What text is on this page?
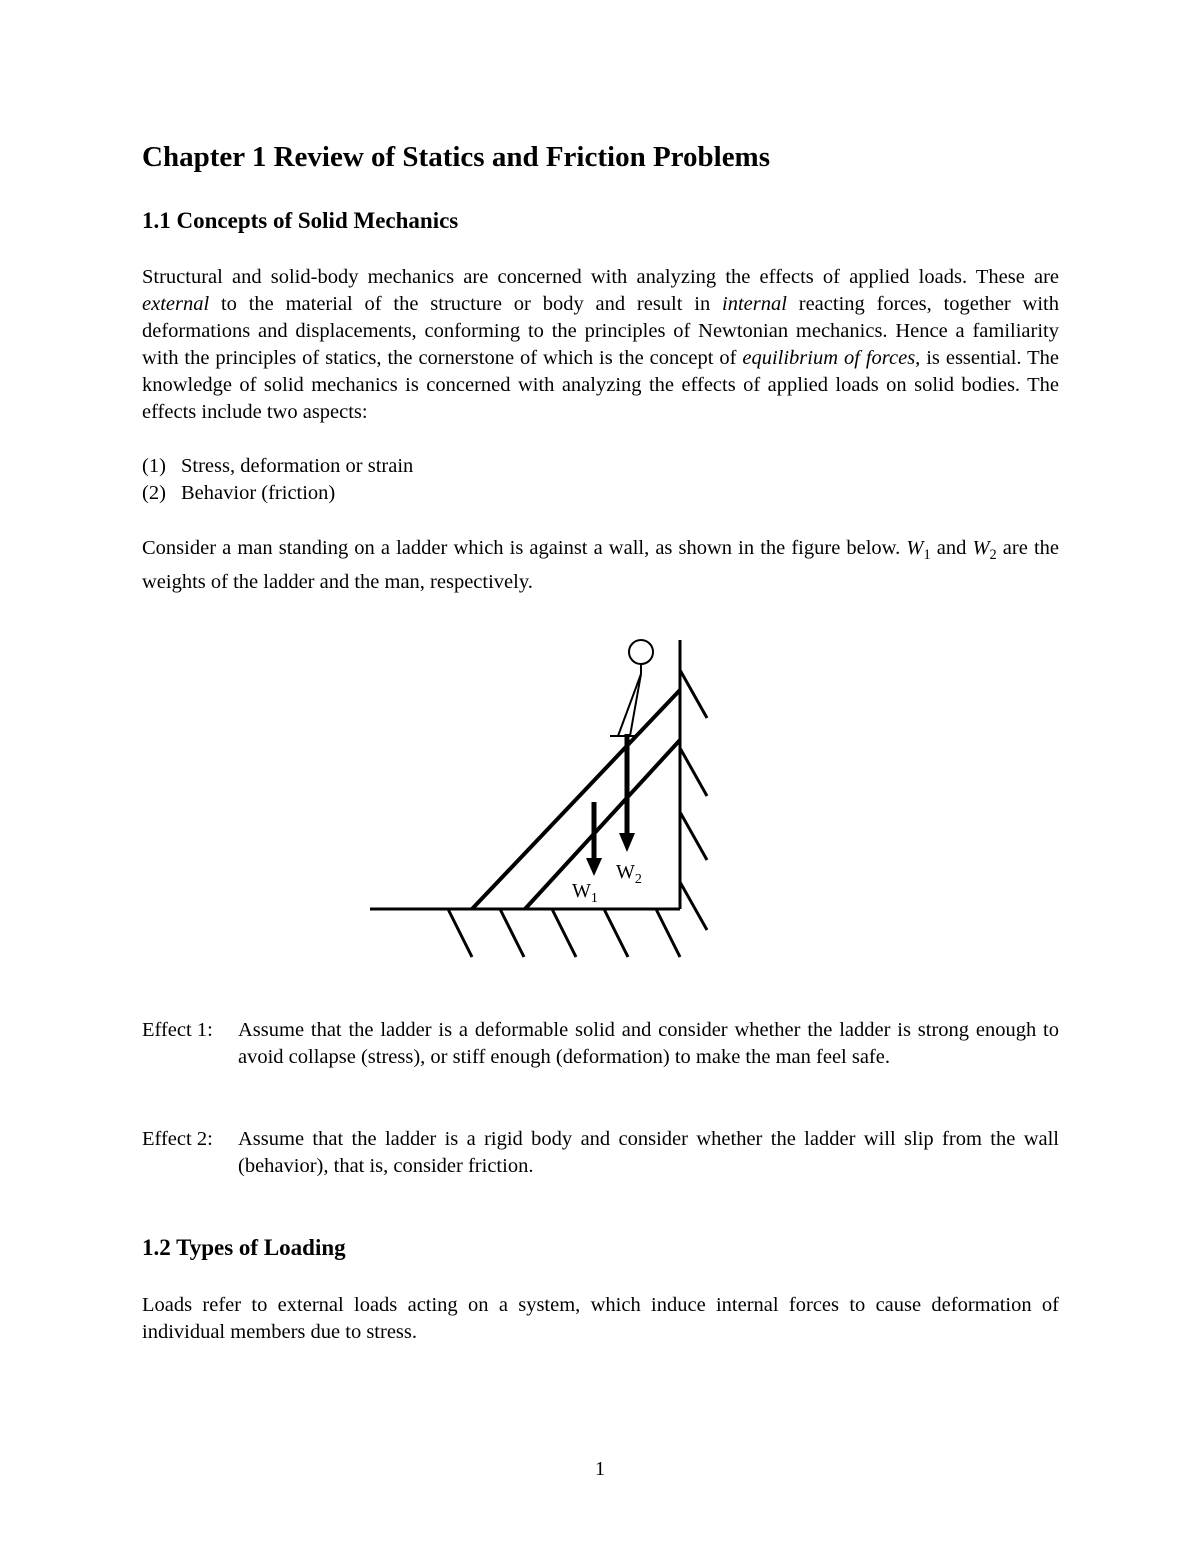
Chapter 1 Review of Statics and Friction Problems
1.1 Concepts of Solid Mechanics

Structural and solid-body mechanics are concerned with analyzing the effects of applied loads. These are external to the material of the structure or body and result in internal reacting forces, together with deformations and displacements, conforming to the principles of Newtonian mechanics. Hence a familiarity with the principles of statics, the cornerstone of which is the concept of equilibrium of forces, is essential. The knowledge of solid mechanics is concerned with analyzing the effects of applied loads on solid bodies. The effects include two aspects:

(1) Stress, deformation or strain
(2) Behavior (friction)

Consider a man standing on a ladder which is against a wall, as shown in the figure below. $W_1$ and $W_2$ are the weights of the ladder and the man, respectively.

$W_1$
$W_2$
Effect 1:	Assume that the ladder is a deformable solid and consider whether the ladder is strong enough to avoid collapse (stress), or stiff enough (deformation) to make the man feel safe.
Effect 2:	Assume that the ladder is a rigid body and consider whether the ladder will slip from the wall (behavior), that is, consider friction.
1.2 Types of Loading

Loads refer to external loads acting on a system, which induce internal forces to cause deformation of individual members due to stress.

1
